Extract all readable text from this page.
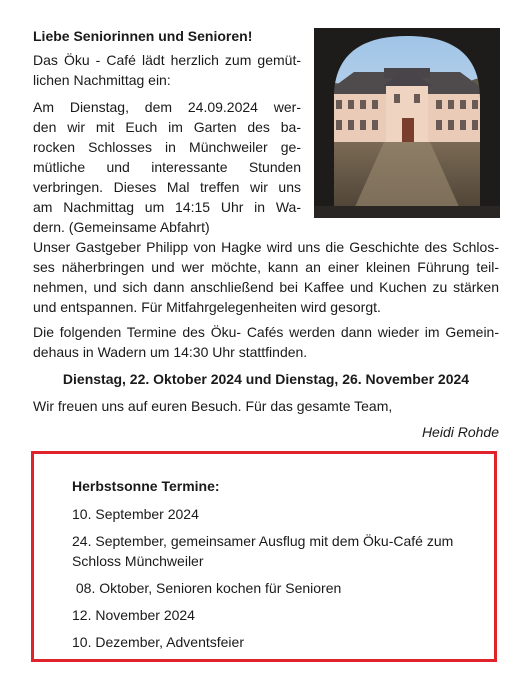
Liebe Seniorinnen und Senioren!
Das Öku - Café lädt herzlich zum gemüt-
lichen Nachmittag ein:
Am Dienstag, dem 24.09.2024 wer-
den wir mit Euch im Garten des ba-
rocken Schlosses in Münchweiler ge-
mütliche und interessante Stunden
verbringen. Dieses Mal treffen wir uns
am Nachmittag um 14:15 Uhr in Wa-
dern. (Gemeinsame Abfahrt)
Unser Gastgeber Philipp von Hagke wird uns die Geschichte des Schlos-
ses näherbringen und wer möchte, kann an einer kleinen Führung teil-
nehmen, und sich dann anschließend bei Kaffee und Kuchen zu stärken
und entspannen. Für Mitfahrgelegenheiten wird gesorgt.
Die folgenden Termine des Öku- Cafés werden dann wieder im Gemein-
dehaus in Wadern um 14:30 Uhr stattfinden.
Dienstag, 22. Oktober 2024 und Dienstag, 26. November 2024
Wir freuen uns auf euren Besuch. Für das gesamte Team,
Heidi Rohde
Herbstsonne Termine:
10. September 2024
24. September, gemeinsamer Ausflug mit dem Öku-Café zum
Schloss Münchweiler
08. Oktober, Senioren kochen für Senioren
12. November 2024
10. Dezember, Adventsfeier
